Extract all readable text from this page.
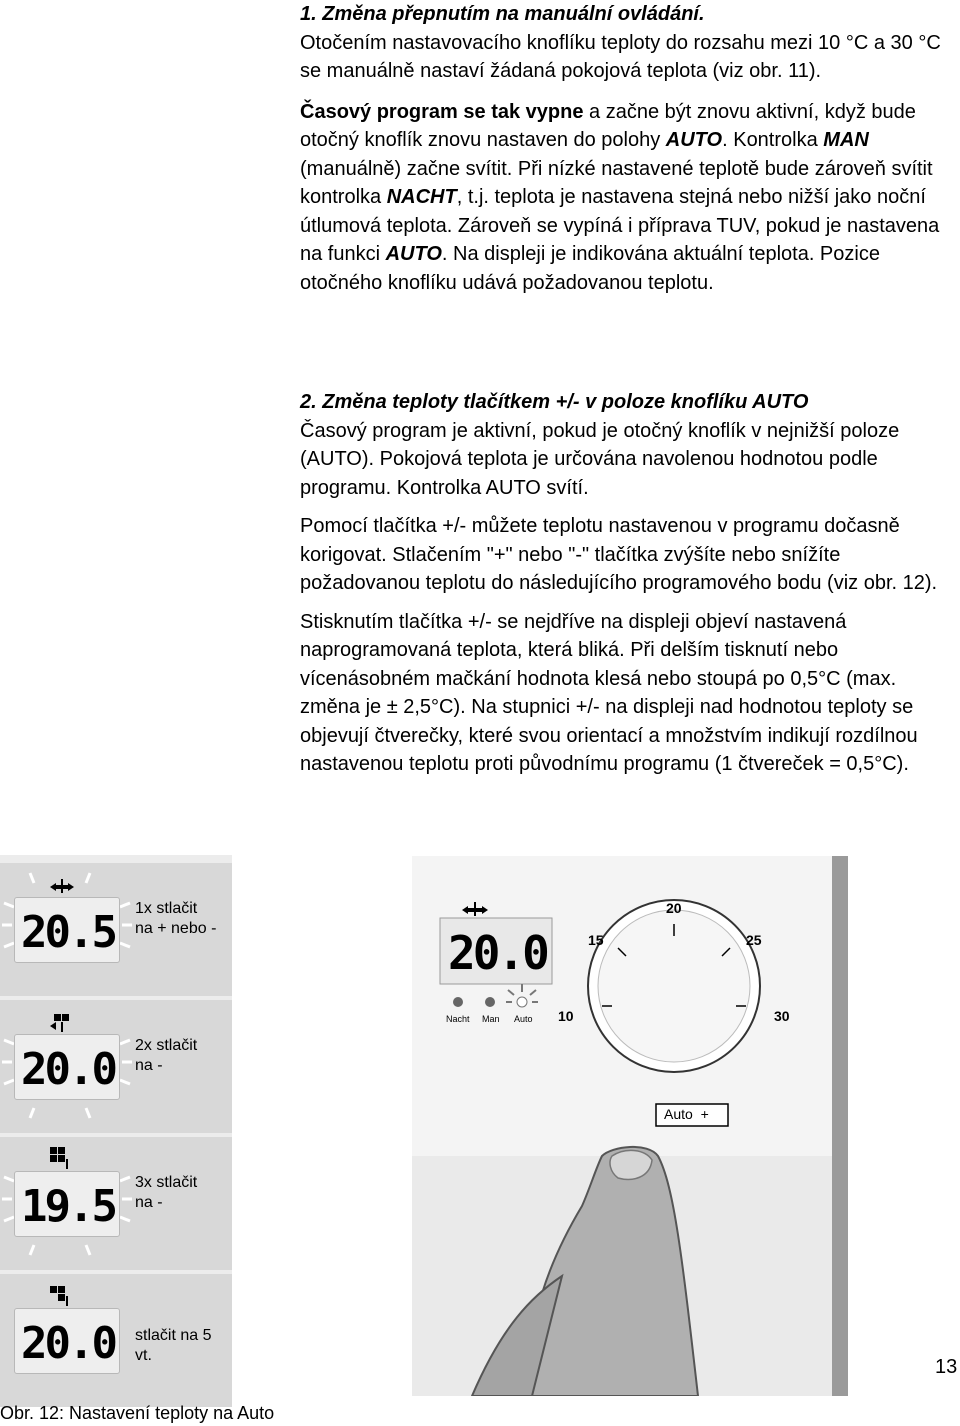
1. Změna přepnutím na manuální ovládání.

Otočením nastavovacího knoflíku teploty do rozsahu mezi 10 °C a 30 °C se manuálně nastaví žádaná pokojová teplota (viz obr. 11).

Časový program se tak vypne a začne být znovu aktivní, když bude otočný knoflík znovu nastaven do polohy AUTO. Kontrolka MAN (manuálně) začne svítit. Při nízké nastavené teplotě bude zároveň svítit kontrolka NACHT, t.j. teplota je nastavena stejná nebo nižší jako noční útlumová teplota. Zároveň se vypíná i příprava TUV, pokud je nastavena na funkci AUTO. Na displeji je indikována aktuální teplota. Pozice otočného knoflíku udává požadovanou teplotu.

2. Změna teploty tlačítkem +/- v poloze knoflíku AUTO

Časový program je aktivní, pokud je otočný knoflík v nejnižší poloze (AUTO). Pokojová teplota je určována navolenou hodnotou podle programu. Kontrolka AUTO svítí.

Pomocí tlačítka +/- můžete teplotu nastavenou v programu dočasně korigovat. Stlačením "+" nebo "-" tlačítka zvýšíte nebo snížíte požadovanou teplotu do následujícího programového bodu (viz obr. 12).

Stisknutím tlačítka +/- se nejdříve na displeji objeví nastavená naprogramovaná teplota, která bliká. Při delším tisknutí nebo vícenásobném mačkání hodnota klesá nebo stoupá po 0,5°C (max. změna je ± 2,5°C). Na stupnici +/- na displeji nad hodnotou teploty se objevují čtverečky, které svou orientací a množstvím indikují rozdílnou nastavenou teplotu proti původnímu programu (1 čtvereček = 0,5°C).

20.5 1x stlačit
na + nebo -
20.0 2x stlačit
na -
19.5 3x stlačit
na -
20.0 stlačit na 5 vt.
20.0
20
15	25
10	30
Nacht Man Auto
Auto  +
Obr. 12: Nastavení teploty na Auto
13
